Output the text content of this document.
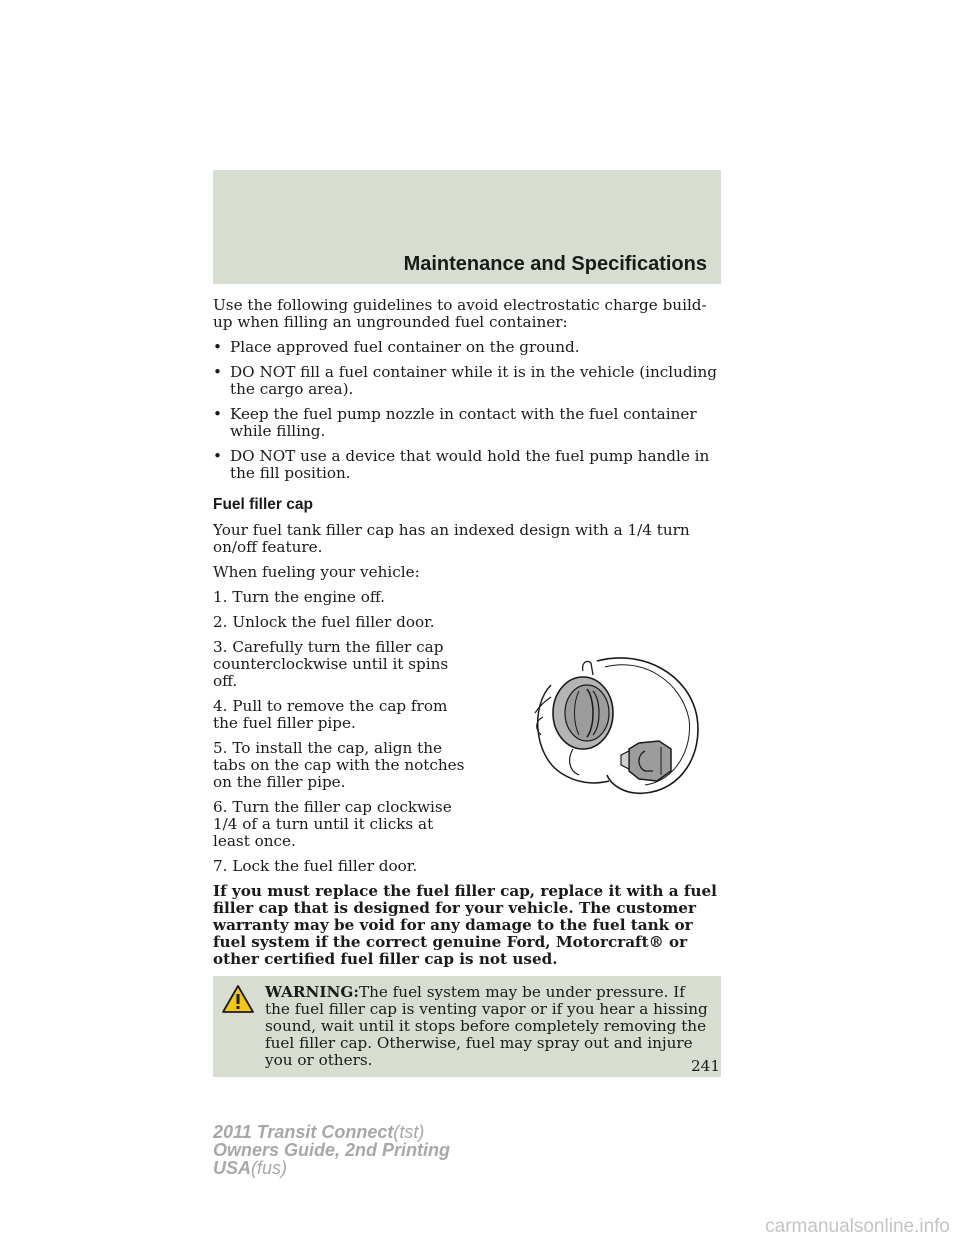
Maintenance and Specifications

Use the following guidelines to avoid electrostatic charge build-up when filling an ungrounded fuel container:

• Place approved fuel container on the ground.
• DO NOT fill a fuel container while it is in the vehicle (including the cargo area).
• Keep the fuel pump nozzle in contact with the fuel container while filling.
• DO NOT use a device that would hold the fuel pump handle in the fill position.
Fuel filler cap

Your fuel tank filler cap has an indexed design with a 1/4 turn on/off feature.

When fueling your vehicle:

1. Turn the engine off.

2. Unlock the fuel filler door.

3. Carefully turn the filler cap counterclockwise until it spins off.

4. Pull to remove the cap from the fuel filler pipe.

5. To install the cap, align the tabs on the cap with the notches on the filler pipe.

6. Turn the filler cap clockwise 1/4 of a turn until it clicks at least once.

7. Lock the fuel filler door.

If you must replace the fuel filler cap, replace it with a fuel filler cap that is designed for your vehicle. The customer warranty may be void for any damage to the fuel tank or fuel system if the correct genuine Ford, Motorcraft® or other certified fuel filler cap is not used.

WARNING:The fuel system may be under pressure. If the fuel filler cap is venting vapor or if you hear a hissing sound, wait until it stops before completely removing the fuel filler cap. Otherwise, fuel may spray out and injure you or others.	241
2011 Transit Connect(tst)
Owners Guide, 2nd Printing
USA(fus)
carmanualsonline.info
